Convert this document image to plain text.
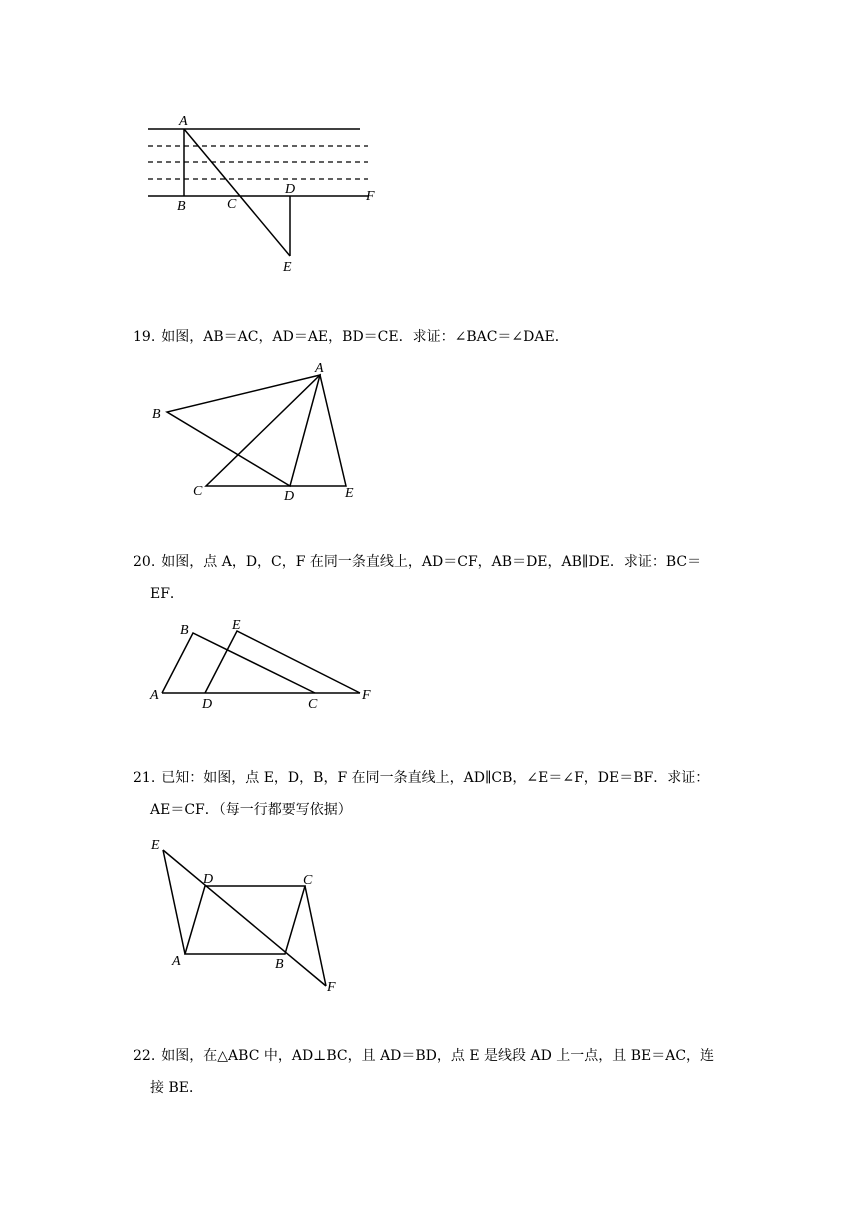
A
B	C
D	F
E

19. 如图，AB＝AC，AD＝AE，BD＝CE．求证：∠BAC＝∠DAE．

A
B
C	D	E

20. 如图，点 A，D，C，F 在同一条直线上，AD＝CF，AB＝DE，AB∥DE．求证：BC＝

EF．

B	E
A
D	C
F

21. 已知：如图，点 E，D，B，F 在同一条直线上，AD∥CB，∠E＝∠F，DE＝BF．求证：

AE＝CF．（每一行都要写依据）

E
D	C
A	B
F

22. 如图，在△ABC 中，AD⊥BC，且 AD＝BD，点 E 是线段 AD 上一点，且 BE＝AC，连

接 BE．
